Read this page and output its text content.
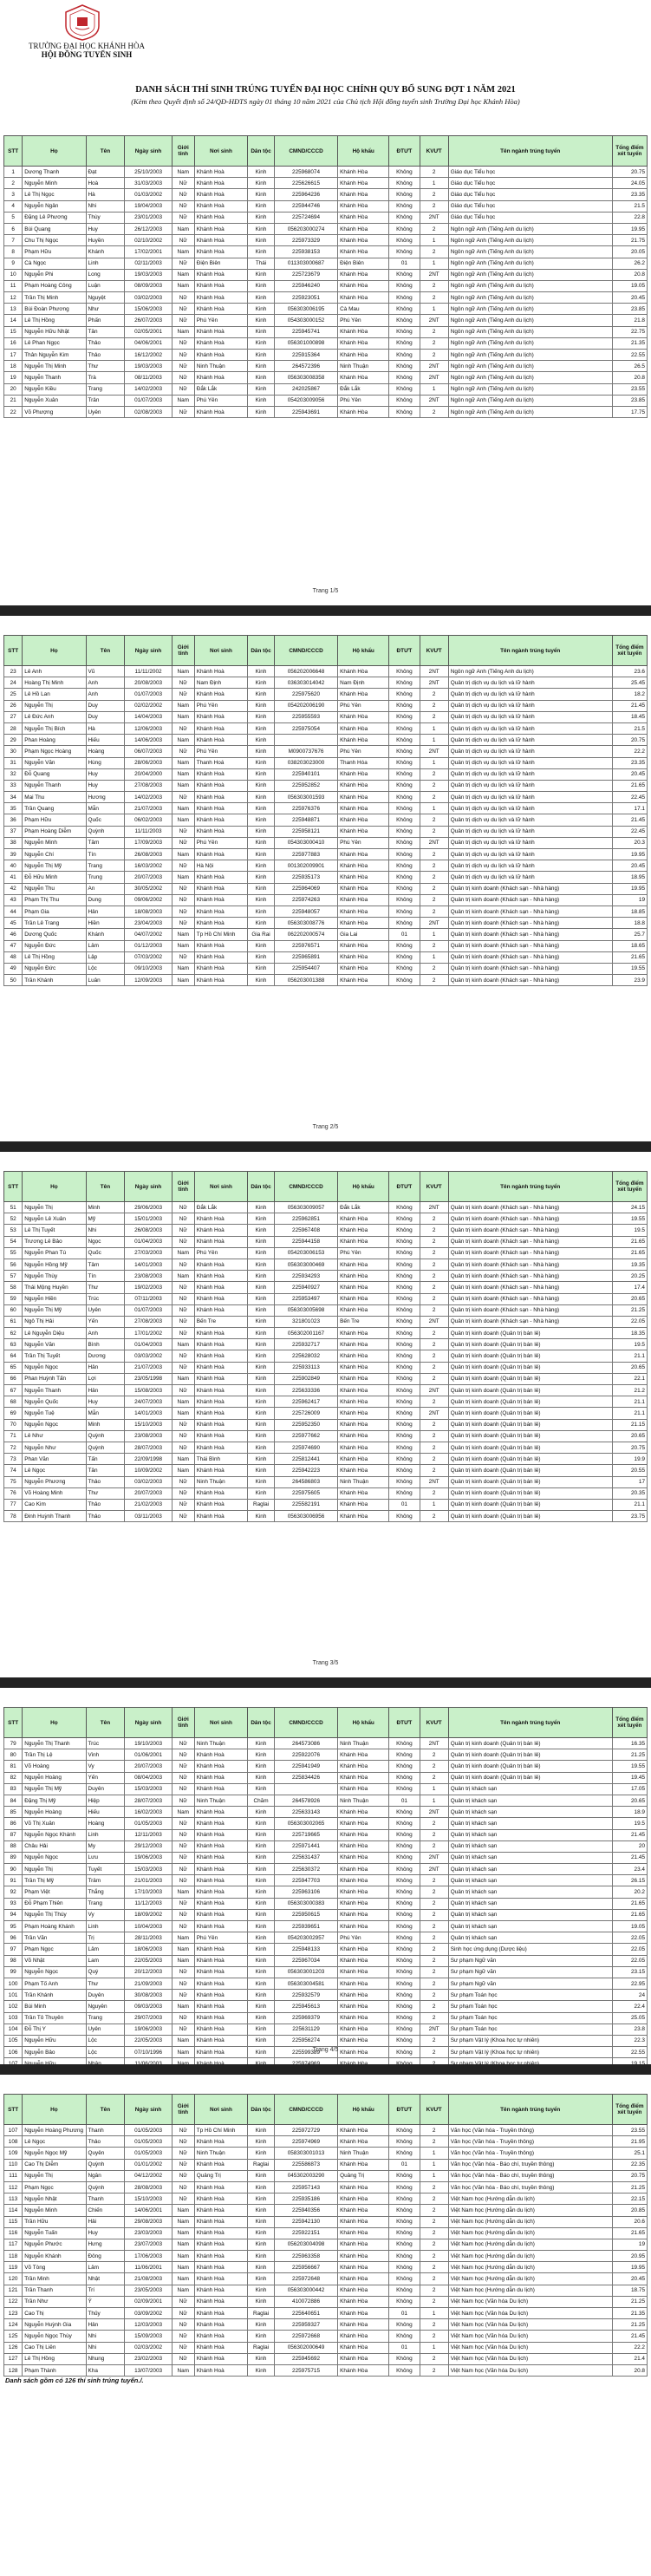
TRƯỜNG ĐẠI HỌC KHÁNH HÒA
HỘI ĐỒNG TUYỂN SINH
DANH SÁCH THÍ SINH TRÚNG TUYỂN ĐẠI HỌC CHÍNH QUY BỔ SUNG ĐỢT 1 NĂM 2021
(Kèm theo Quyết định số 24/QĐ-HĐTS ngày 01 tháng 10 năm 2021 của Chủ tịch Hội đồng tuyển sinh Trường Đại học Khánh Hòa)
STT	Họ	Tên	Ngày sinh	Giới tính	Nơi sinh	Dân tộc	CMND/CCCD	Hộ khẩu	ĐTƯT	KVƯT	Tên ngành trúng tuyển	Tổng điểm xét tuyển
1	Dương Thanh	Đạt	25/10/2003	Nam	Khánh Hoà	Kinh	225968074	Khánh Hòa	Không	2	Giáo dục Tiểu học	20.75
2	Nguyễn Minh	Hoà	31/03/2003	Nữ	Khánh Hoà	Kinh	225626615	Khánh Hòa	Không	1	Giáo dục Tiểu học	24.05
3	Lê Thị Ngọc	Hà	01/03/2002	Nữ	Khánh Hoà	Kinh	225964236	Khánh Hòa	Không	2	Giáo dục Tiểu học	23.35
4	Nguyễn Ngân	Nhi	19/04/2003	Nữ	Khánh Hoà	Kinh	225944746	Khánh Hòa	Không	2	Giáo dục Tiểu học	21.5
5	Đặng Lê Phương	Thùy	23/01/2003	Nữ	Khánh Hoà	Kinh	225724694	Khánh Hòa	Không	2NT	Giáo dục Tiểu học	22.8
6	Bùi Quang	Huy	26/12/2003	Nam	Khánh Hoà	Kinh	056203000274	Khánh Hòa	Không	2	Ngôn ngữ Anh (Tiếng Anh du lịch)	19.95
7	Chu Thị Ngọc	Huyền	02/10/2002	Nữ	Khánh Hoà	Kinh	225973329	Khánh Hòa	Không	1	Ngôn ngữ Anh (Tiếng Anh du lịch)	21.75
8	Phạm Hữu	Khánh	17/02/2001	Nam	Khánh Hoà	Kinh	225938153	Khánh Hòa	Không	2	Ngôn ngữ Anh (Tiếng Anh du lịch)	20.05
9	Cà Ngọc	Linh	02/11/2003	Nữ	Điện Biên	Thái	011303000687	Điện Biên	01	1	Ngôn ngữ Anh (Tiếng Anh du lịch)	26.2
10	Nguyễn Phi	Long	19/03/2003	Nam	Khánh Hoà	Kinh	225723679	Khánh Hòa	Không	2NT	Ngôn ngữ Anh (Tiếng Anh du lịch)	20.8
11	Phạm Hoàng Công	Luận	08/09/2003	Nam	Khánh Hoà	Kinh	225946240	Khánh Hòa	Không	2	Ngôn ngữ Anh (Tiếng Anh du lịch)	19.05
12	Trần Thị Minh	Nguyệt	03/02/2003	Nữ	Khánh Hoà	Kinh	225923051	Khánh Hòa	Không	2	Ngôn ngữ Anh (Tiếng Anh du lịch)	20.45
13	Bùi Đoàn Phương	Như	15/06/2003	Nữ	Khánh Hoà	Kinh	056303006195	Cà Mau	Không	1	Ngôn ngữ Anh (Tiếng Anh du lịch)	23.85
14	Lê Thị Hồng	Phấn	26/07/2003	Nữ	Phú Yên	Kinh	054303000152	Phú Yên	Không	2NT	Ngôn ngữ Anh (Tiếng Anh du lịch)	21.8
15	Nguyễn Hữu Nhật	Tân	02/05/2001	Nam	Khánh Hoà	Kinh	225945741	Khánh Hòa	Không	2	Ngôn ngữ Anh (Tiếng Anh du lịch)	22.75
16	Lê Phan Ngọc	Thảo	04/06/2001	Nữ	Khánh Hoà	Kinh	056301000898	Khánh Hòa	Không	2	Ngôn ngữ Anh (Tiếng Anh du lịch)	21.35
17	Thân Nguyễn Kim	Thảo	16/12/2002	Nữ	Khánh Hoà	Kinh	225915364	Khánh Hòa	Không	2	Ngôn ngữ Anh (Tiếng Anh du lịch)	22.55
18	Nguyễn Thị Minh	Thư	19/03/2003	Nữ	Ninh Thuận	Kinh	264572396	Ninh Thuận	Không	2NT	Ngôn ngữ Anh (Tiếng Anh du lịch)	26.5
19	Nguyễn Thanh	Trà	08/11/2003	Nữ	Khánh Hoà	Kinh	056303008358	Khánh Hòa	Không	2NT	Ngôn ngữ Anh (Tiếng Anh du lịch)	20.8
20	Nguyễn Kiều	Trang	14/02/2003	Nữ	Đắk Lắk	Kinh	242025867	Đắk Lắk	Không	1	Ngôn ngữ Anh (Tiếng Anh du lịch)	23.55
21	Nguyễn Xuân	Trân	01/07/2003	Nam	Phú Yên	Kinh	054203009056	Phú Yên	Không	2NT	Ngôn ngữ Anh (Tiếng Anh du lịch)	23.85
22	Võ Phượng	Uyên	02/08/2003	Nữ	Khánh Hoà	Kinh	225943691	Khánh Hòa	Không	2	Ngôn ngữ Anh (Tiếng Anh du lịch)	17.75
Trang 1/5
STT	Họ	Tên	Ngày sinh	Giới tính	Nơi sinh	Dân tộc	CMND/CCCD	Hộ khẩu	ĐTƯT	KVƯT	Tên ngành trúng tuyển	Tổng điểm xét tuyển
23	Lê Anh	Vũ	11/11/2002	Nam	Khánh Hoà	Kinh	056202006648	Khánh Hòa	Không	2NT	Ngôn ngữ Anh (Tiếng Anh du lịch)	23.6
24	Hoàng Thị Minh	Anh	20/08/2003	Nữ	Nam Định	Kinh	036303014042	Nam Định	Không	2NT	Quản trị dịch vụ du lịch và lữ hành	25.45
25	Lê Hồ Lan	Anh	01/07/2003	Nữ	Khánh Hoà	Kinh	225975620	Khánh Hòa	Không	2	Quản trị dịch vụ du lịch và lữ hành	18.2
26	Nguyễn Thị	Duy	02/02/2002	Nam	Phú Yên	Kinh	054202006190	Phú Yên	Không	2	Quản trị dịch vụ du lịch và lữ hành	21.45
27	Lê Đức Anh	Duy	14/04/2003	Nam	Khánh Hoà	Kinh	225955593	Khánh Hòa	Không	2	Quản trị dịch vụ du lịch và lữ hành	18.45
28	Nguyễn Thị Bích	Hà	12/06/2003	Nữ	Khánh Hoà	Kinh	225975054	Khánh Hòa	Không	1	Quản trị dịch vụ du lịch và lữ hành	21.5
29	Phan Hoàng	Hiếu	14/06/2003	Nam	Khánh Hoà	Kinh		Khánh Hòa	Không	1	Quản trị dịch vụ du lịch và lữ hành	20.75
30	Phạm Ngọc Hoàng	Hoàng	06/07/2003	Nữ	Phú Yên	Kinh	M0900737676	Phú Yên	Không	2NT	Quản trị dịch vụ du lịch và lữ hành	22.2
31	Nguyễn Văn	Hùng	28/06/2003	Nam	Thanh Hoá	Kinh	038203023000	Thanh Hóa	Không	1	Quản trị dịch vụ du lịch và lữ hành	23.35
32	Đỗ Quang	Huy	20/04/2000	Nam	Khánh Hoà	Kinh	225940101	Khánh Hòa	Không	2	Quản trị dịch vụ du lịch và lữ hành	20.45
33	Nguyễn Thanh	Huy	27/08/2003	Nam	Khánh Hoà	Kinh	225952852	Khánh Hòa	Không	2	Quản trị dịch vụ du lịch và lữ hành	21.65
34	Mai Thu	Hương	14/02/2003	Nữ	Khánh Hoà	Kinh	056303001593	Khánh Hòa	Không	2	Quản trị dịch vụ du lịch và lữ hành	22.45
35	Trần Quang	Mẫn	21/07/2003	Nam	Khánh Hoà	Kinh	225976376	Khánh Hòa	Không	1	Quản trị dịch vụ du lịch và lữ hành	17.1
36	Phạm Hữu	Quốc	06/02/2003	Nam	Khánh Hoà	Kinh	225948871	Khánh Hòa	Không	2	Quản trị dịch vụ du lịch và lữ hành	21.45
37	Phạm Hoàng Diễm	Quỳnh	11/11/2003	Nữ	Khánh Hoà	Kinh	225958121	Khánh Hòa	Không	2	Quản trị dịch vụ du lịch và lữ hành	22.45
38	Nguyễn Minh	Tâm	17/09/2003	Nữ	Phú Yên	Kinh	054303000410	Phú Yên	Không	2NT	Quản trị dịch vụ du lịch và lữ hành	20.3
39	Nguyễn Chí	Tín	26/08/2003	Nam	Khánh Hoà	Kinh	225977883	Khánh Hòa	Không	2	Quản trị dịch vụ du lịch và lữ hành	19.95
40	Nguyễn Thị Mỹ	Trang	16/03/2002	Nữ	Hà Nội	Kinh	001302009901	Khánh Hòa	Không	2	Quản trị dịch vụ du lịch và lữ hành	20.45
41	Đỗ Hữu Minh	Trung	20/07/2003	Nam	Khánh Hoà	Kinh	225935173	Khánh Hòa	Không	2	Quản trị dịch vụ du lịch và lữ hành	18.95
42	Nguyễn Thu	An	30/05/2002	Nữ	Khánh Hoà	Kinh	225964069	Khánh Hòa	Không	2	Quản trị kinh doanh (Khách sạn - Nhà hàng)	19.95
43	Phạm Thị Thu	Dung	09/06/2002	Nữ	Khánh Hoà	Kinh	225974263	Khánh Hòa	Không	2	Quản trị kinh doanh (Khách sạn - Nhà hàng)	19
44	Phạm Gia	Hân	18/08/2003	Nữ	Khánh Hoà	Kinh	225948057	Khánh Hòa	Không	2	Quản trị kinh doanh (Khách sạn - Nhà hàng)	18.85
45	Trần Lê Trang	Hiền	23/04/2003	Nữ	Khánh Hoà	Kinh	056303008776	Khánh Hòa	Không	2NT	Quản trị kinh doanh (Khách sạn - Nhà hàng)	18.8
46	Dương Quốc	Khánh	04/07/2002	Nam	Tp Hồ Chí Minh	Gia Rai	062202000574	Gia Lai	01	1	Quản trị kinh doanh (Khách sạn - Nhà hàng)	25.7
47	Nguyễn Đức	Lâm	01/12/2003	Nam	Khánh Hoà	Kinh	225976571	Khánh Hòa	Không	2	Quản trị kinh doanh (Khách sạn - Nhà hàng)	18.65
48	Lê Thị Hồng	Lập	07/03/2002	Nữ	Khánh Hoà	Kinh	225965891	Khánh Hòa	Không	1	Quản trị kinh doanh (Khách sạn - Nhà hàng)	21.65
49	Nguyễn Đức	Lộc	09/10/2003	Nam	Khánh Hoà	Kinh	225954407	Khánh Hòa	Không	2	Quản trị kinh doanh (Khách sạn - Nhà hàng)	19.55
50	Trần Khánh	Luân	12/09/2003	Nam	Khánh Hoà	Kinh	056203001388	Khánh Hòa	Không	2	Quản trị kinh doanh (Khách sạn - Nhà hàng)	23.9
Trang 2/5
STT	Họ	Tên	Ngày sinh	Giới tính	Nơi sinh	Dân tộc	CMND/CCCD	Hộ khẩu	ĐTƯT	KVƯT	Tên ngành trúng tuyển	Tổng điểm xét tuyển
51	Nguyễn Thị	Minh	29/06/2003	Nữ	Đắk Lắk	Kinh	056303009057	Đắk Lắk	Không	2NT	Quản trị kinh doanh (Khách sạn - Nhà hàng)	24.15
52	Nguyễn Lê Xuân	Mỹ	15/01/2003	Nữ	Khánh Hoà	Kinh	225962851	Khánh Hòa	Không	2	Quản trị kinh doanh (Khách sạn - Nhà hàng)	19.55
53	Lê Thị Tuyết	Nhi	26/08/2003	Nữ	Khánh Hoà	Kinh	225967408	Khánh Hòa	Không	2	Quản trị kinh doanh (Khách sạn - Nhà hàng)	19.5
54	Trương Lê Bảo	Ngọc	01/04/2003	Nữ	Khánh Hoà	Kinh	225944158	Khánh Hòa	Không	2	Quản trị kinh doanh (Khách sạn - Nhà hàng)	21.65
55	Nguyễn Phan Tú	Quốc	27/03/2003	Nam	Phú Yên	Kinh	054203006153	Phú Yên	Không	2	Quản trị kinh doanh (Khách sạn - Nhà hàng)	21.65
56	Nguyễn Hồng Mỹ	Tâm	14/01/2003	Nữ	Khánh Hoà	Kinh	056303000469	Khánh Hòa	Không	2	Quản trị kinh doanh (Khách sạn - Nhà hàng)	19.35
57	Nguyễn Thùy	Tín	23/08/2003	Nam	Khánh Hoà	Kinh	225934293	Khánh Hòa	Không	2	Quản trị kinh doanh (Khách sạn - Nhà hàng)	20.25
58	Thái Mộng Huyền	Thư	19/02/2003	Nữ	Khánh Hoà	Kinh	225940927	Khánh Hòa	Không	2	Quản trị kinh doanh (Khách sạn - Nhà hàng)	17.4
59	Nguyễn Hiền	Trúc	07/11/2003	Nữ	Khánh Hoà	Kinh	225953497	Khánh Hòa	Không	2	Quản trị kinh doanh (Khách sạn - Nhà hàng)	20.65
60	Nguyễn Thị Mỹ	Uyên	01/07/2003	Nữ	Khánh Hoà	Kinh	056303005698	Khánh Hòa	Không	2	Quản trị kinh doanh (Khách sạn - Nhà hàng)	21.25
61	Ngô Thị Hải	Yến	27/08/2003	Nữ	Bến Tre	Kinh	321801023	Bến Tre	Không	2NT	Quản trị kinh doanh (Khách sạn - Nhà hàng)	22.05
62	Lê Nguyễn Diệu	Anh	17/01/2002	Nữ	Khánh Hoà	Kinh	056302001167	Khánh Hòa	Không	2	Quản trị kinh doanh (Quản trị bán lẻ)	18.35
63	Nguyễn Văn	Bình	01/04/2003	Nam	Khánh Hoà	Kinh	225932717	Khánh Hòa	Không	2	Quản trị kinh doanh (Quản trị bán lẻ)	19.5
64	Trần Thị Tuyết	Dương	03/03/2002	Nữ	Khánh Hoà	Kinh	225628032	Khánh Hòa	Không	2	Quản trị kinh doanh (Quản trị bán lẻ)	21.1
65	Nguyễn Ngọc	Hân	21/07/2003	Nữ	Khánh Hoà	Kinh	225933113	Khánh Hòa	Không	2	Quản trị kinh doanh (Quản trị bán lẻ)	20.65
66	Phan Huỳnh Tấn	Lợi	23/05/1998	Nam	Khánh Hoà	Kinh	225902849	Khánh Hòa	Không	2	Quản trị kinh doanh (Quản trị bán lẻ)	22.1
67	Nguyễn Thanh	Hân	15/08/2003	Nữ	Khánh Hoà	Kinh	225633336	Khánh Hòa	Không	2NT	Quản trị kinh doanh (Quản trị bán lẻ)	21.2
68	Nguyễn Quốc	Huy	24/07/2003	Nam	Khánh Hoà	Kinh	225962417	Khánh Hòa	Không	2	Quản trị kinh doanh (Quản trị bán lẻ)	21.1
69	Nguyễn Tuệ	Mẫn	14/01/2003	Nam	Khánh Hoà	Kinh	225726009	Khánh Hòa	Không	2NT	Quản trị kinh doanh (Quản trị bán lẻ)	21.1
70	Nguyễn Ngọc	Minh	15/10/2003	Nữ	Khánh Hoà	Kinh	225952350	Khánh Hòa	Không	2	Quản trị kinh doanh (Quản trị bán lẻ)	21.15
71	Lê Như	Quỳnh	23/08/2003	Nữ	Khánh Hoà	Kinh	225977662	Khánh Hòa	Không	2	Quản trị kinh doanh (Quản trị bán lẻ)	20.65
72	Nguyễn Như	Quỳnh	28/07/2003	Nữ	Khánh Hoà	Kinh	225974690	Khánh Hòa	Không	2	Quản trị kinh doanh (Quản trị bán lẻ)	20.75
73	Phan Văn	Tấn	22/09/1998	Nam	Thái Bình	Kinh	225812441	Khánh Hòa	Không	2	Quản trị kinh doanh (Quản trị bán lẻ)	19.9
74	Lê Ngọc	Tân	10/09/2002	Nam	Khánh Hoà	Kinh	225942223	Khánh Hòa	Không	2	Quản trị kinh doanh (Quản trị bán lẻ)	20.55
75	Nguyễn Phương	Thảo	03/02/2003	Nữ	Ninh Thuận	Kinh	264586803	Ninh Thuận	Không	2NT	Quản trị kinh doanh (Quản trị bán lẻ)	17
76	Võ Hoàng Minh	Thư	20/07/2003	Nữ	Khánh Hoà	Kinh	225975605	Khánh Hòa	Không	2	Quản trị kinh doanh (Quản trị bán lẻ)	20.35
77	Cao Kim	Thảo	21/02/2003	Nữ	Khánh Hoà	Raglai	225582191	Khánh Hòa	01	1	Quản trị kinh doanh (Quản trị bán lẻ)	21.1
78	Đinh Huỳnh Thanh	Thảo	03/11/2003	Nữ	Khánh Hoà	Kinh	056303006956	Khánh Hòa	Không	2	Quản trị kinh doanh (Quản trị bán lẻ)	23.75
Trang 3/5
STT	Họ	Tên	Ngày sinh	Giới tính	Nơi sinh	Dân tộc	CMND/CCCD	Hộ khẩu	ĐTƯT	KVƯT	Tên ngành trúng tuyển	Tổng điểm xét tuyển
79	Nguyễn Thị Thanh	Trúc	19/10/2003	Nữ	Ninh Thuận	Kinh	264573086	Ninh Thuận	Không	2NT	Quản trị kinh doanh (Quản trị bán lẻ)	16.35
80	Trần Thị Lệ	Vinh	01/06/2001	Nữ	Khánh Hoà	Kinh	225922076	Khánh Hòa	Không	2	Quản trị kinh doanh (Quản trị bán lẻ)	21.25
81	Võ Hoàng	Vy	20/07/2003	Nữ	Khánh Hoà	Kinh	225941949	Khánh Hòa	Không	2	Quản trị kinh doanh (Quản trị bán lẻ)	19.55
82	Nguyễn Hoàng	Yến	08/04/2003	Nữ	Khánh Hoà	Kinh	225834426	Khánh Hòa	Không	2	Quản trị kinh doanh (Quản trị bán lẻ)	19.45
83	Nguyễn Thị Mỹ	Duyên	15/03/2003	Nữ	Khánh Hoà	Kinh		Khánh Hòa	Không	1	Quản trị khách sạn	17.05
84	Đặng Thị Mỹ	Hiệp	28/07/2003	Nữ	Ninh Thuận	Chăm	264578926	Ninh Thuận	01	1	Quản trị khách sạn	20.65
85	Nguyễn Hoàng	Hiếu	16/02/2003	Nam	Khánh Hoà	Kinh	225633143	Khánh Hòa	Không	2NT	Quản trị khách sạn	18.9
86	Võ Thị Xuân	Hoàng	01/05/2003	Nữ	Khánh Hoà	Kinh	056303002065	Khánh Hòa	Không	2	Quản trị khách sạn	19.5
87	Nguyễn Ngọc Khánh	Linh	12/11/2003	Nữ	Khánh Hoà	Kinh	225719665	Khánh Hòa	Không	2	Quản trị khách sạn	21.45
88	Châu Hải	My	29/12/2003	Nữ	Khánh Hoà	Kinh	225971441	Khánh Hòa	Không	2	Quản trị khách sạn	20
89	Nguyễn Ngọc	Lưu	19/06/2003	Nữ	Khánh Hoà	Kinh	225631437	Khánh Hòa	Không	2NT	Quản trị khách sạn	21.45
90	Nguyễn Thị	Tuyết	15/03/2003	Nữ	Khánh Hoà	Kinh	225630372	Khánh Hòa	Không	2NT	Quản trị khách sạn	23.4
91	Trần Thị Mỹ	Trâm	21/01/2003	Nữ	Khánh Hoà	Kinh	225947703	Khánh Hòa	Không	2	Quản trị khách sạn	26.15
92	Phạm Việt	Thắng	17/10/2003	Nam	Khánh Hoà	Kinh	225963106	Khánh Hòa	Không	2	Quản trị khách sạn	20.2
93	Đỗ Phạm Thiên	Trang	11/12/2003	Nữ	Khánh Hoà	Kinh	056303000383	Khánh Hòa	Không	2	Quản trị khách sạn	21.65
94	Nguyễn Thị Thúy	Vy	18/09/2002	Nữ	Khánh Hoà	Kinh	225950615	Khánh Hòa	Không	2	Quản trị khách sạn	21.65
95	Phạm Hoàng Khánh	Linh	10/04/2003	Nữ	Khánh Hoà	Kinh	225939651	Khánh Hòa	Không	2	Quản trị khách sạn	19.05
96	Trần Văn	Trị	28/11/2003	Nam	Phú Yên	Kinh	054203002957	Phú Yên	Không	2	Quản trị khách sạn	22.05
97	Phạm Ngọc	Lâm	18/06/2003	Nam	Khánh Hoà	Kinh	225948133	Khánh Hòa	Không	2	Sinh học ứng dụng (Dược liệu)	22.05
98	Võ Nhật	Lam	22/05/2003	Nam	Khánh Hoà	Kinh	225967034	Khánh Hòa	Không	2	Sư phạm Ngữ văn	22.05
99	Nguyễn Ngọc	Quý	20/12/2003	Nữ	Khánh Hoà	Kinh	056303001203	Khánh Hòa	Không	2	Sư phạm Ngữ văn	23.15
100	Phạm Tố Anh	Thư	21/09/2003	Nữ	Khánh Hoà	Kinh	056303004581	Khánh Hòa	Không	2	Sư phạm Ngữ văn	22.95
101	Trần Khánh	Duyên	30/08/2003	Nữ	Khánh Hoà	Kinh	225932579	Khánh Hòa	Không	2	Sư phạm Toán học	24
102	Bùi Minh	Nguyên	09/03/2003	Nam	Khánh Hoà	Kinh	225945613	Khánh Hòa	Không	2	Sư phạm Toán học	22.4
103	Trần Tô Thuyên	Trang	29/07/2003	Nữ	Khánh Hoà	Kinh	225969379	Khánh Hòa	Không	2	Sư phạm Toán học	25.05
104	Đỗ Thị Y	Uyên	19/06/2003	Nữ	Khánh Hoà	Kinh	225631129	Khánh Hòa	Không	2NT	Sư phạm Toán học	23.8
105	Nguyễn Hữu	Lộc	22/05/2003	Nam	Khánh Hoà	Kinh	225956274	Khánh Hòa	Không	2	Sư phạm Vật lý (Khoa học tự nhiên)	22.3
106	Nguyễn Bảo	Lộc	07/10/1996	Nam	Khánh Hoà	Kinh	225599389	Khánh Hòa	Không	2	Sư phạm Vật lý (Khoa học tự nhiên)	22.55

Trang 4/5
STT	Họ	Tên	Ngày sinh	Giới tính	Nơi sinh	Dân tộc	CMND/CCCD	Hộ khẩu	ĐTƯT	KVƯT	Tên ngành trúng tuyển	Tổng điểm xét tuyển
107	Nguyễn Hoàng Phương	Thanh	01/05/2003	Nữ	Tp Hồ Chí Minh	Kinh	225972729	Khánh Hòa	Không	2	Văn học (Văn hóa - Truyền thông)	23.55
108	Lê Ngọc	Thảo	01/05/2003	Nữ	Khánh Hoà	Kinh	225974969	Khánh Hòa	Không	2	Văn học (Văn hóa - Truyền thông)	21.95
109	Nguyễn Ngọc Mỹ	Quyên	01/05/2003	Nữ	Ninh Thuận	Kinh	058303001013	Ninh Thuận	Không	1	Văn học (Văn hóa - Truyền thông)	25.1
110	Cao Thị Diễm	Quỳnh	01/01/2002	Nữ	Khánh Hoà	Raglai	225586873	Khánh Hòa	01	1	Văn học (Văn hóa - Báo chí, truyền thông)	22.35
111	Nguyễn Thị	Ngân	04/12/2002	Nữ	Quảng Trị	Kinh	045302003290	Quảng Trị	Không	1	Văn học (Văn hóa - Báo chí, truyền thông)	20.75
112	Phạm Ngọc	Quỳnh	28/08/2003	Nữ	Khánh Hoà	Kinh	225957143	Khánh Hòa	Không	2	Văn học (Văn hóa - Báo chí, truyền thông)	21.25
113	Nguyễn Nhật	Thanh	15/10/2003	Nữ	Khánh Hoà	Kinh	225935186	Khánh Hòa	Không	2	Việt Nam học (Hướng dẫn du lịch)	22.15
114	Nguyễn Minh	Chiến	14/06/2001	Nam	Khánh Hoà	Kinh	225940356	Khánh Hòa	Không	2	Việt Nam học (Hướng dẫn du lịch)	20.85
115	Trần Hữu	Hải	29/08/2003	Nam	Khánh Hoà	Kinh	225942130	Khánh Hòa	Không	2	Việt Nam học (Hướng dẫn du lịch)	20.6
116	Nguyễn Tuấn	Huy	23/03/2003	Nam	Khánh Hoà	Kinh	225922151	Khánh Hòa	Không	2	Việt Nam học (Hướng dẫn du lịch)	21.65
117	Nguyễn Phước	Hưng	23/07/2003	Nam	Khánh Hoà	Kinh	056203004098	Khánh Hòa	Không	2	Việt Nam học (Hướng dẫn du lịch)	19
118	Nguyễn Khánh	Đông	17/06/2003	Nam	Khánh Hoà	Kinh	225963358	Khánh Hòa	Không	2	Việt Nam học (Hướng dẫn du lịch)	20.95
119	Võ Tòng	Lâm	11/06/2001	Nam	Khánh Hoà	Kinh	225956667	Khánh Hòa	Không	2	Việt Nam học (Hướng dẫn du lịch)	19.95
120	Trần Minh	Nhật	21/08/2003	Nam	Khánh Hoà	Kinh	225972648	Khánh Hòa	Không	2	Việt Nam học (Hướng dẫn du lịch)	20.45
121	Trần Thanh	Trí	23/05/2003	Nam	Khánh Hoà	Kinh	056303000442	Khánh Hòa	Không	2	Việt Nam học (Hướng dẫn du lịch)	18.75
122	Trần Như	Ý	02/09/2001	Nữ	Khánh Hoà	Kinh	410072886	Khánh Hòa	Không	2	Việt Nam học (Văn hóa Du lịch)	21.25
123	Cao Thị	Thủy	03/09/2002	Nữ	Khánh Hoà	Raglai	225640651	Khánh Hòa	01	1	Việt Nam học (Văn hóa Du lịch)	21.35
124	Nguyễn Huỳnh Gia	Hân	12/03/2003	Nữ	Khánh Hoà	Kinh	225959327	Khánh Hòa	Không	2	Việt Nam học (Văn hóa Du lịch)	21.25
125	Nguyễn Ngọc Thùy	Nhi	15/09/2003	Nữ	Khánh Hoà	Kinh	225972668	Khánh Hòa	Không	2	Việt Nam học (Văn hóa Du lịch)	21.45
126	Cao Thị Liên	Nhi	02/03/2002	Nữ	Khánh Hoà	Raglai	056302000649	Khánh Hòa	01	1	Việt Nam học (Văn hóa Du lịch)	22.2
127	Lê Thị Hồng	Nhung	23/02/2003	Nữ	Khánh Hoà	Kinh	225945692	Khánh Hòa	Không	2	Việt Nam học (Văn hóa Du lịch)	21.4
128	Phạm Thành	Kha	13/07/2003	Nam	Khánh Hoà	Kinh	225975715	Khánh Hòa	Không	2	Việt Nam học (Văn hóa Du lịch)	20.8
Danh sách gồm có 126 thí sinh trúng tuyển./.
